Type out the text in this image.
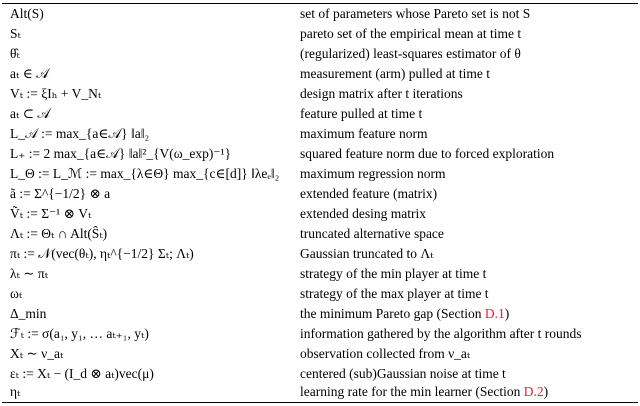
Alt(S)	set of parameters whose Pareto set is not S
Sₜ	pareto set of the empirical mean at time t
θ̂ₜ	(regularized) least-squares estimator of θ
aₜ ∈ 𝒜	measurement (arm) pulled at time t
Vₜ := ξIₕ + V_Nₜ	design matrix after t iterations
aₜ ⊂ 𝒜	feature pulled at time t
L_𝒜 := max_{a∈𝒜} ‖a‖₂	maximum feature norm
L₊ := 2 max_{a∈𝒜} ‖a‖²_{V(ω_exp)⁻¹}	squared feature norm due to forced exploration
L_Θ := L_ℳ := max_{λ∈Θ} max_{c∈[d]} ‖λeₑ‖₂	maximum regression norm
ã := Σ^{−1/2} ⊗ a	extended feature (matrix)
Ṽₜ := Σ⁻¹ ⊗ Vₜ	extended desing matrix
Λₜ := Θₜ ∩ Alt(Ŝₜ)	truncated alternative space
πₜ := 𝒩(vec(θₜ), ηₜ^{−1/2} Σₜ; Λₜ)	Gaussian truncated to Λₜ
λₜ ∼ πₜ	strategy of the min player at time t
ωₜ	strategy of the max player at time t
Δ_min	the minimum Pareto gap (Section D.1)
ℱₜ := σ(a₁, y₁, … aₜ₊₁, yₜ)	information gathered by the algorithm after t rounds
Xₜ ∼ ν_aₜ	observation collected from ν_aₜ
εₜ := Xₜ − (I_d ⊗ aₜ)vec(μ)	centered (sub)Gaussian noise at time t
ηₜ	learning rate for the min learner (Section D.2)
